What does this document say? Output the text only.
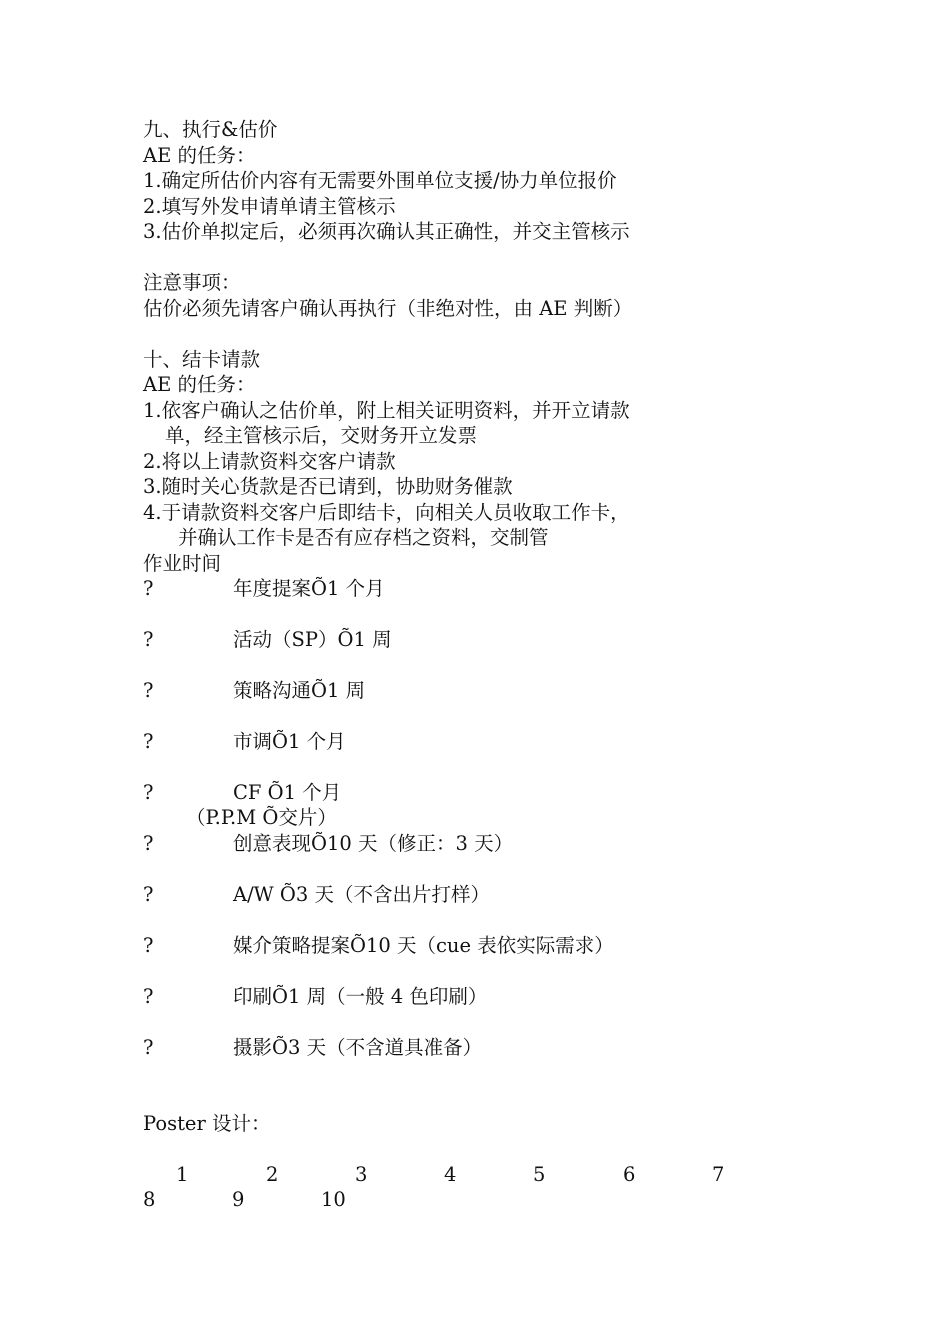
九、执行&估价
AE 的任务：
1.确定所估价内容有无需要外围单位支援/协力单位报价
2.填写外发申请单请主管核示
3.估价单拟定后，必须再次确认其正确性，并交主管核示
注意事项：
估价必须先请客户确认再执行（非绝对性，由 AE 判断）
十、结卡请款
AE 的任务：
1.依客户确认之估价单，附上相关证明资料，并开立请款
单，经主管核示后，交财务开立发票
2.将以上请款资料交客户请款
3.随时关心货款是否已请到，协助财务催款
4.于请款资料交客户后即结卡，向相关人员收取工作卡，
并确认工作卡是否有应存档之资料，交制管
作业时间
?	年度提案Õ1 个月
?	活动（SP）Õ1 周
?	策略沟通Õ1 周
?	市调Õ1 个月
?	CF Õ1 个月
（P.P.M Õ交片）
?	创意表现Õ10 天（修正：3 天）
?	A/W Õ3 天（不含出片打样）
?	媒介策略提案Õ10 天（cue 表依实际需求）
?	印刷Õ1 周（一般 4 色印刷）
?	摄影Õ3 天（不含道具准备）
Poster 设计：
1	2	3	4	5	6	7
8	9	10
